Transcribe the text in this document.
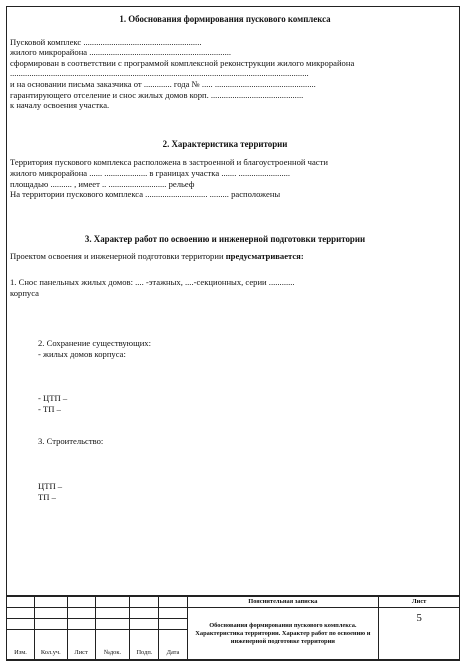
1. Обоснования формирования пускового комплекса

Пусковой комплекс .......................................................

жилого микрорайона ..................................................................

сформирован в соответствии с программой комплексной реконструкции жилого микрорайона

...........................................................................................................................................

и на основании письма заказчика от ............. года № ..... ...............................................

гарантирующего отселение и снос жилых домов корп. ...........................................

к началу освоения участка.

2. Характеристика территории

Территория пускового комплекса расположена в застроенной и благоустроенной части

жилого микрорайона ...... .................... в границах участка ....... ........................

площадью .......... , имеет .. ........................... рельеф

На территории пускового комплекса ............................. ......... расположены

3. Характер работ по освоению и инженерной подготовки территории

Проектом освоения и инженерной подготовки территории предусматривается:

1. Снос панельных жилых домов: .... -этажных, ....-секционных, серии ............

корпуса

2. Сохранение существующих:

- жилых домов корпуса:

- ЦТП –

- ТП –

3. Строительство:

ЦТП –

ТП –

						Пояснительная записка	Лист
						Обоснования формирования пускового комплекса. Характеристика территории. Характер работ по освоению и инженерной подготовке территории	5

Изм.	Кол.уч.	Лист	№док.	Подп.	Дата		
